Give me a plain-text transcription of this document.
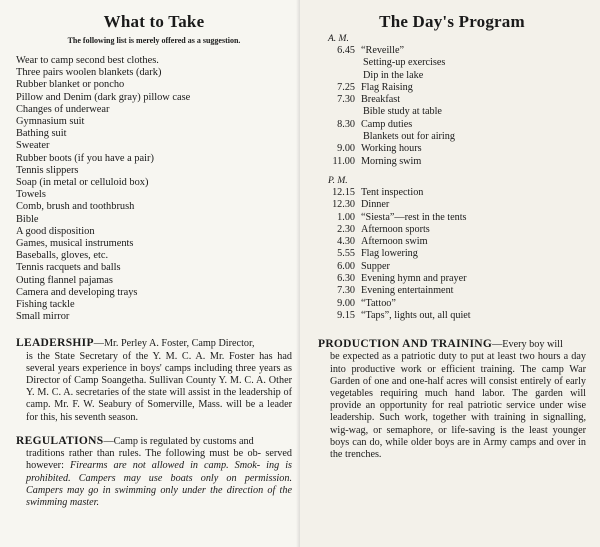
What to Take
The following list is merely offered as a suggestion.
Wear to camp second best clothes.
Three pairs woolen blankets (dark)
Rubber blanket or poncho
Pillow and Denim (dark gray) pillow case
Changes of underwear
Gymnasium suit
Bathing suit
Sweater
Rubber boots (if you have a pair)
Tennis slippers
Soap (in metal or celluloid box)
Towels
Comb, brush and toothbrush
Bible
A good disposition
Games, musical instruments
Baseballs, gloves, etc.
Tennis racquets and balls
Outing flannel pajamas
Camera and developing trays
Fishing tackle
Small mirror

LEADERSHIP—Mr. Perley A. Foster, Camp Director,

is the State Secretary of the Y. M. C. A. Mr. Foster has had several years experience in boys' camps including three years as Director of Camp Soangetha. Sullivan County Y. M. C. A. Other Y. M. C. A. secretaries of the state will assist in the leadership of camp. Mr. F. W. Seabury of Somerville, Mass. will be a leader for this, his seventh season.

REGULATIONS—Camp is regulated by customs and

traditions rather than rules. The following must be ob- served however: Firearms are not allowed in camp. Smok- ing is prohibited. Campers may use boats only on permission. Campers may go in swimming only under the direction of the swimming master.

The Day's Program
A. M.
6.45 “Reveille”
Setting-up exercises
Dip in the lake
7.25 Flag Raising
7.30 Breakfast
Bible study at table
8.30 Camp duties
Blankets out for airing
9.00 Working hours
11.00 Morning swim
P. M.
12.15 Tent inspection
12.30 Dinner
1.00 “Siesta”—rest in the tents
2.30 Afternoon sports
4.30 Afternoon swim
5.55 Flag lowering
6.00 Supper
6.30 Evening hymn and prayer
7.30 Evening entertainment
9.00 “Tattoo”
9.15 “Taps”, lights out, all quiet

PRODUCTION AND TRAINING—Every boy will

be expected as a patriotic duty to put at least two hours a day into productive work or efficient training. The camp War Garden of one and one-half acres will consist entirely of early vegetables requiring much hand labor. The garden will provide an opportunity for real patriotic service under wise leadership. Such work, together with training in signalling, wig-wag, or semaphore, or life-saving is the least younger boys can do, while older boys are in Army camps and over in the trenches.
